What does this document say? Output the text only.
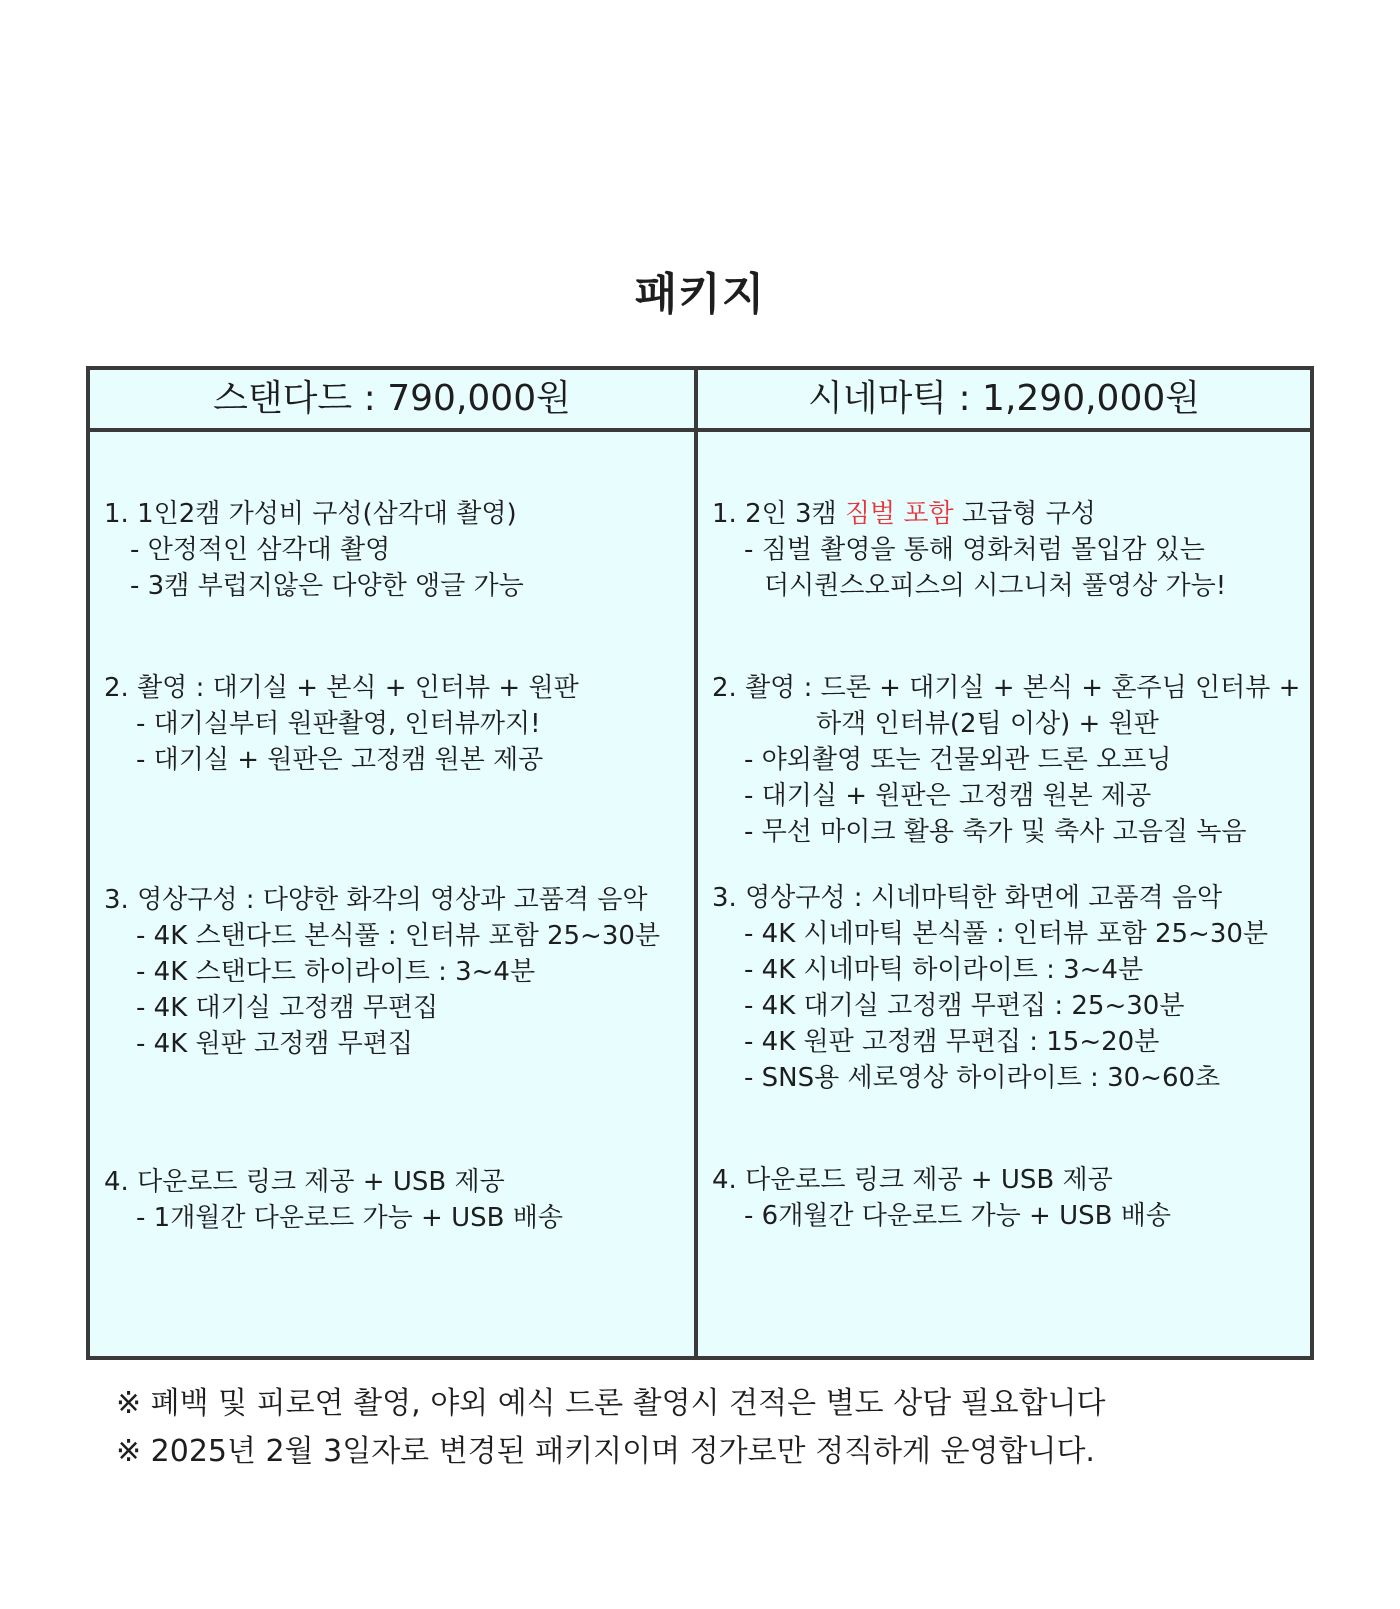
패키지
스탠다드 : 790,000원	시네마틱 : 1,290,000원
1. 1인2캠 가성비 구성(삼각대 촬영)
- 안정적인 삼각대 촬영
- 3캠 부럽지않은 다양한 앵글 가능
2. 촬영 : 대기실 + 본식 + 인터뷰 + 원판
- 대기실부터 원판촬영, 인터뷰까지!
- 대기실 + 원판은 고정캠 원본 제공
3. 영상구성 : 다양한 화각의 영상과 고품격 음악
- 4K 스탠다드 본식풀 : 인터뷰 포함 25~30분
- 4K 스탠다드 하이라이트 : 3~4분
- 4K 대기실 고정캠 무편집
- 4K 원판 고정캠 무편집
4. 다운로드 링크 제공 + USB 제공
- 1개월간 다운로드 가능 + USB 배송
1. 2인 3캠 짐벌 포함 고급형 구성
- 짐벌 촬영을 통해 영화처럼 몰입감 있는
더시퀀스오피스의 시그니처 풀영상 가능!
2. 촬영 : 드론 + 대기실 + 본식 + 혼주님 인터뷰 +
하객 인터뷰(2팀 이상) + 원판
- 야외촬영 또는 건물외관 드론 오프닝
- 대기실 + 원판은 고정캠 원본 제공
- 무선 마이크 활용 축가 및 축사 고음질 녹음
3. 영상구성 : 시네마틱한 화면에 고품격 음악
- 4K 시네마틱 본식풀 : 인터뷰 포함 25~30분
- 4K 시네마틱 하이라이트 : 3~4분
- 4K 대기실 고정캠 무편집 : 25~30분
- 4K 원판 고정캠 무편집 : 15~20분
- SNS용 세로영상 하이라이트 : 30~60초
4. 다운로드 링크 제공 + USB 제공
- 6개월간 다운로드 가능 + USB 배송
※ 폐백 및 피로연 촬영, 야외 예식 드론 촬영시 견적은 별도 상담 필요합니다
※ 2025년 2월 3일자로 변경된 패키지이며 정가로만 정직하게 운영합니다.
